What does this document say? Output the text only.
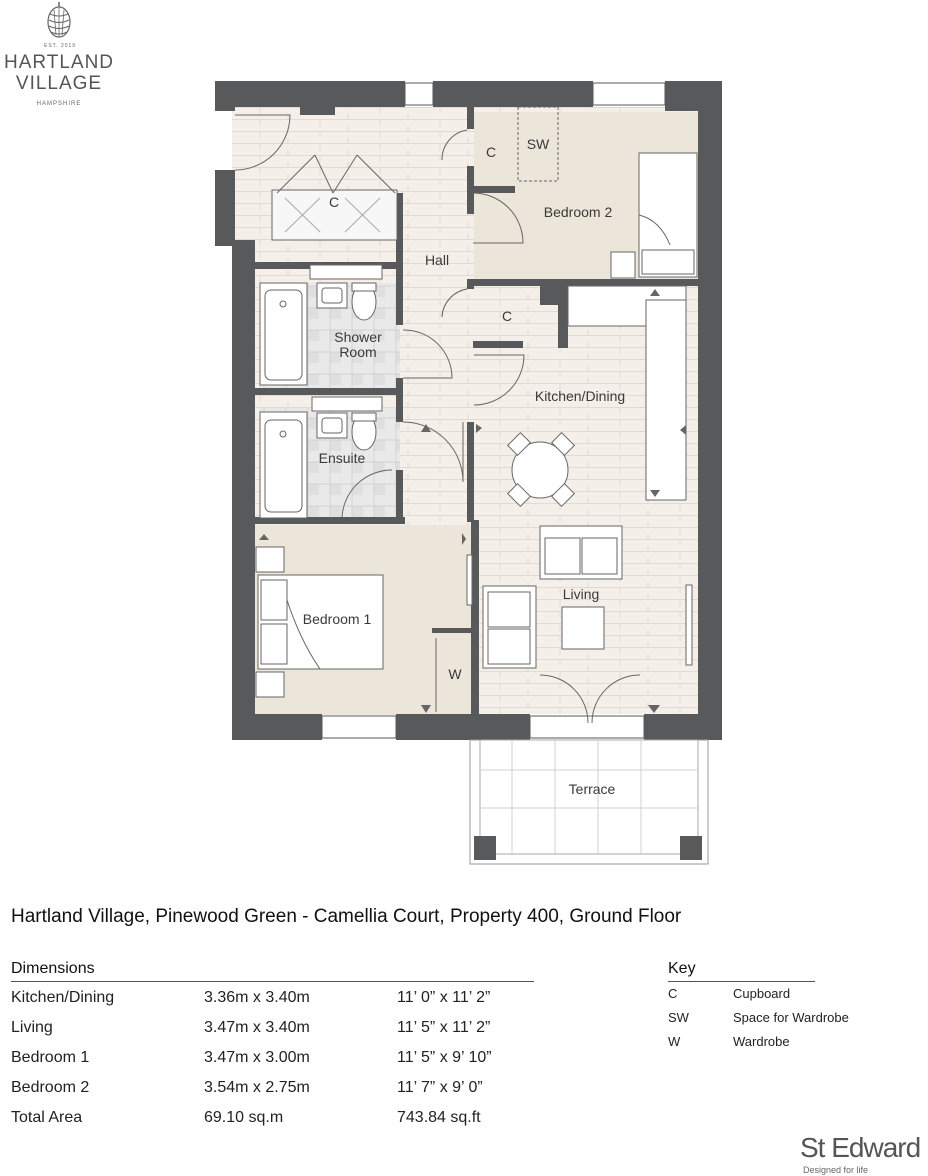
EST. 2019
HARTLAND
VILLAGE
HAMPSHIRE
C SW
C
Bedroom 2
Hall
C
Shower
Room
Kitchen/Dining
Ensuite
Bedroom 1
Living
W
Terrace
Hartland Village, Pinewood Green - Camellia Court, Property 400, Ground Floor
Dimensions
Kitchen/Dining	3.36m x 3.40m	11’ 0” x 11’ 2”
Living	3.47m x 3.40m	11’ 5” x 11’ 2”
Bedroom 1	3.47m x 3.00m	11’ 5” x 9’ 10”
Bedroom 2	3.54m x 2.75m	11’ 7” x 9’ 0”
Total Area	69.10 sq.m	743.84 sq.ft
Key
C	Cupboard
SW	Space for Wardrobe
W	Wardrobe
St Edward
Designed for life
